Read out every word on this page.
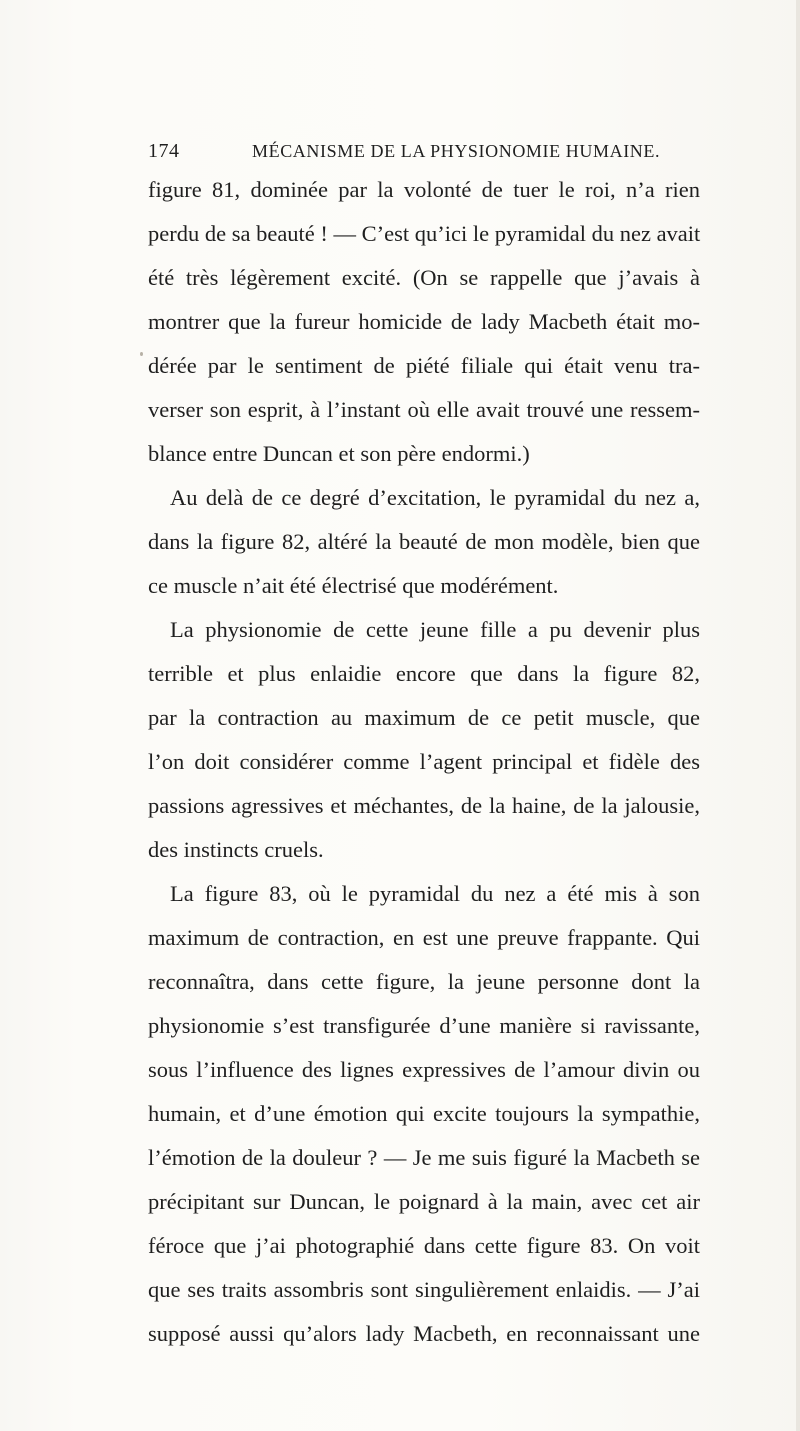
174	MÉCANISME DE LA PHYSIONOMIE HUMAINE.
figure 81, dominée par la volonté de tuer le roi, n’a rien
perdu de sa beauté ! — C’est qu’ici le pyramidal du nez avait
été très légèrement excité. (On se rappelle que j’avais à
montrer que la fureur homicide de lady Macbeth était mo-
dérée par le sentiment de piété filiale qui était venu tra-
verser son esprit, à l’instant où elle avait trouvé une ressem-
blance entre Duncan et son père endormi.)
Au delà de ce degré d’excitation, le pyramidal du nez a,
dans la figure 82, altéré la beauté de mon modèle, bien que
ce muscle n’ait été électrisé que modérément.
La physionomie de cette jeune fille a pu devenir plus
terrible et plus enlaidie encore que dans la figure 82,
par la contraction au maximum de ce petit muscle, que
l’on doit considérer comme l’agent principal et fidèle des
passions agressives et méchantes, de la haine, de la jalousie,
des instincts cruels.
La figure 83, où le pyramidal du nez a été mis à son
maximum de contraction, en est une preuve frappante. Qui
reconnaîtra, dans cette figure, la jeune personne dont la
physionomie s’est transfigurée d’une manière si ravissante,
sous l’influence des lignes expressives de l’amour divin ou
humain, et d’une émotion qui excite toujours la sympathie,
l’émotion de la douleur ? — Je me suis figuré la Macbeth se
précipitant sur Duncan, le poignard à la main, avec cet air
féroce que j’ai photographié dans cette figure 83. On voit
que ses traits assombris sont singulièrement enlaidis. — J’ai
supposé aussi qu’alors lady Macbeth, en reconnaissant une
